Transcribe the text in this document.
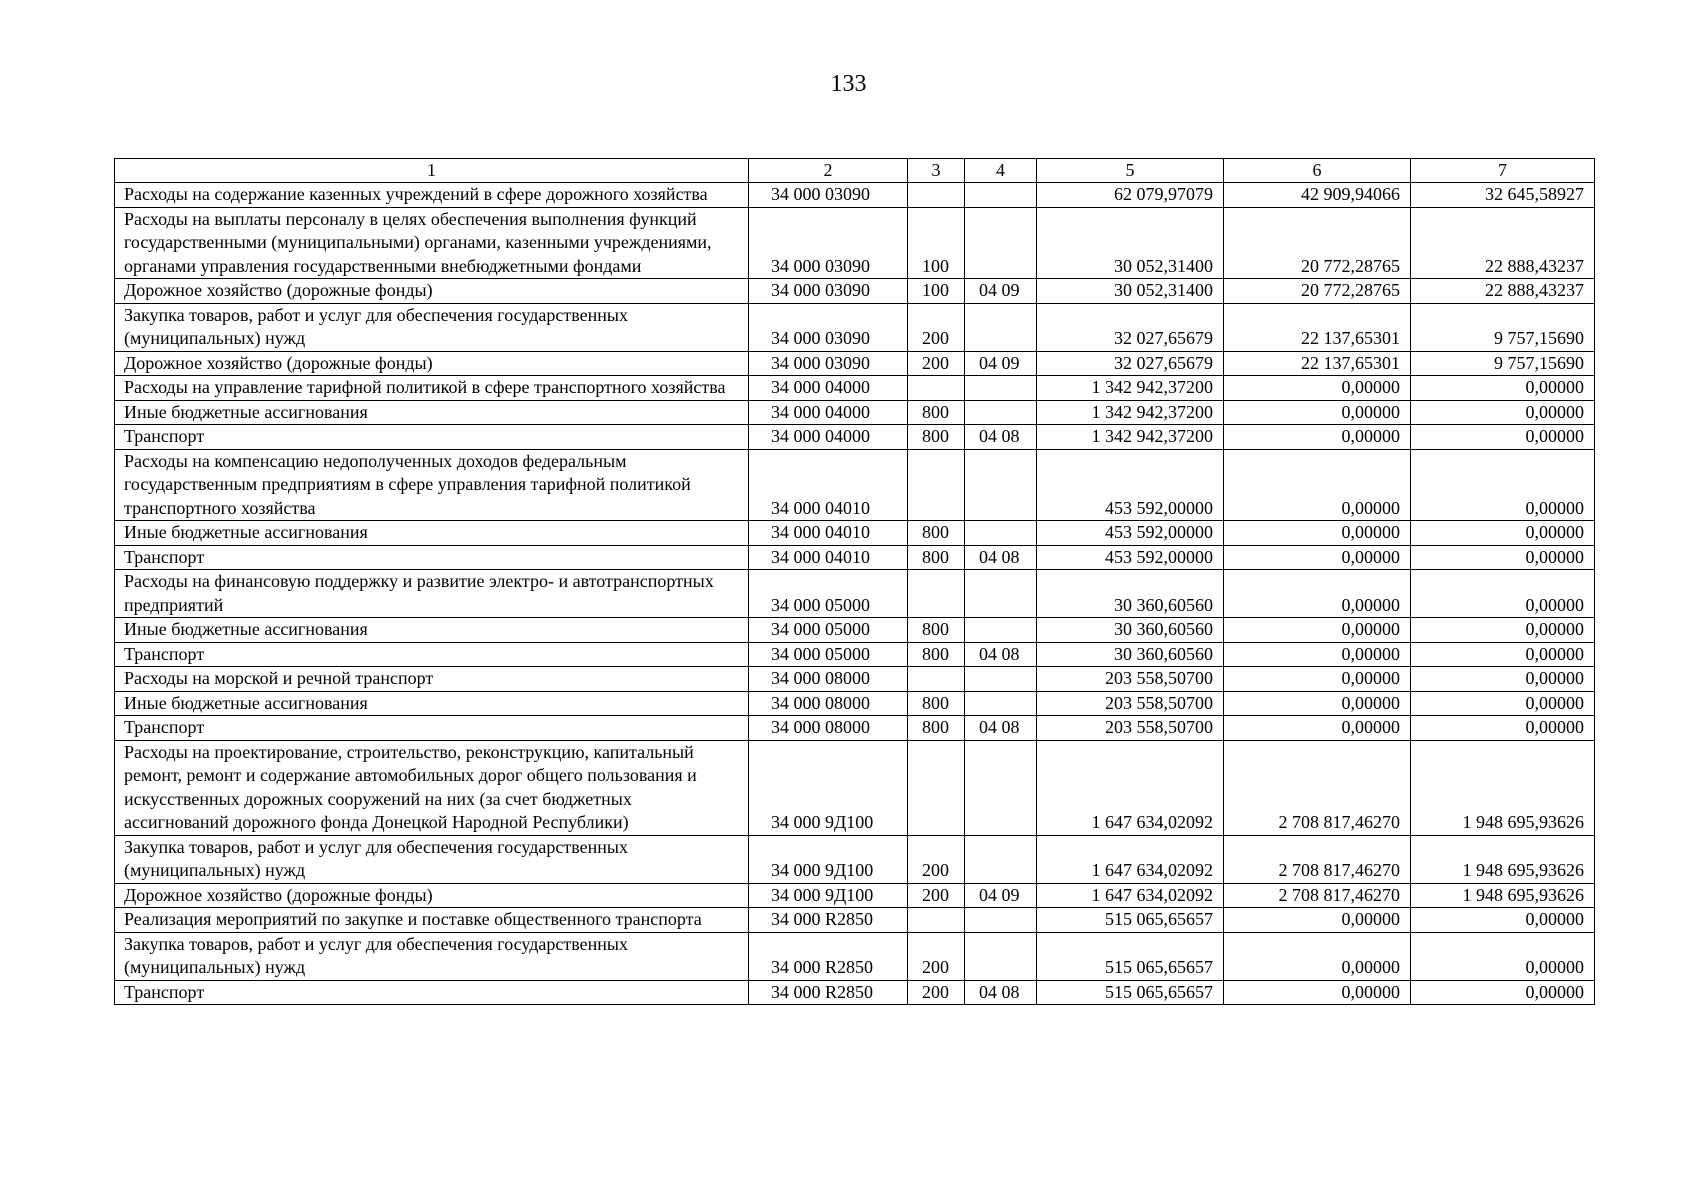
133
1	2	3	4	5	6	7
Расходы на содержание казенных учреждений в сфере дорожного хозяйства	34 000 03090			62 079,97079	42 909,94066	32 645,58927
Расходы на выплаты персоналу в целях обеспечения выполнения функций государственными (муниципальными) органами, казенными учреждениями, органами управления государственными внебюджетными фондами	34 000 03090	100		30 052,31400	20 772,28765	22 888,43237
Дорожное хозяйство (дорожные фонды)	34 000 03090	100	04 09	30 052,31400	20 772,28765	22 888,43237
Закупка товаров, работ и услуг для обеспечения государственных (муниципальных) нужд	34 000 03090	200		32 027,65679	22 137,65301	9 757,15690
Дорожное хозяйство (дорожные фонды)	34 000 03090	200	04 09	32 027,65679	22 137,65301	9 757,15690
Расходы на управление тарифной политикой в сфере транспортного хозяйства	34 000 04000			1 342 942,37200	0,00000	0,00000
Иные бюджетные ассигнования	34 000 04000	800		1 342 942,37200	0,00000	0,00000
Транспорт	34 000 04000	800	04 08	1 342 942,37200	0,00000	0,00000
Расходы на компенсацию недополученных доходов федеральным государственным предприятиям в сфере управления тарифной политикой транспортного хозяйства	34 000 04010			453 592,00000	0,00000	0,00000
Иные бюджетные ассигнования	34 000 04010	800		453 592,00000	0,00000	0,00000
Транспорт	34 000 04010	800	04 08	453 592,00000	0,00000	0,00000
Расходы на финансовую поддержку и развитие электро- и автотранспортных предприятий	34 000 05000			30 360,60560	0,00000	0,00000
Иные бюджетные ассигнования	34 000 05000	800		30 360,60560	0,00000	0,00000
Транспорт	34 000 05000	800	04 08	30 360,60560	0,00000	0,00000
Расходы на морской и речной транспорт	34 000 08000			203 558,50700	0,00000	0,00000
Иные бюджетные ассигнования	34 000 08000	800		203 558,50700	0,00000	0,00000
Транспорт	34 000 08000	800	04 08	203 558,50700	0,00000	0,00000
Расходы на проектирование, строительство, реконструкцию, капитальный ремонт, ремонт и содержание автомобильных дорог общего пользования и искусственных дорожных сооружений на них (за счет бюджетных ассигнований дорожного фонда Донецкой Народной Республики)	34 000 9Д100			1 647 634,02092	2 708 817,46270	1 948 695,93626
Закупка товаров, работ и услуг для обеспечения государственных (муниципальных) нужд	34 000 9Д100	200		1 647 634,02092	2 708 817,46270	1 948 695,93626
Дорожное хозяйство (дорожные фонды)	34 000 9Д100	200	04 09	1 647 634,02092	2 708 817,46270	1 948 695,93626
Реализация мероприятий по закупке и поставке общественного транспорта	34 000 R2850			515 065,65657	0,00000	0,00000
Закупка товаров, работ и услуг для обеспечения государственных (муниципальных) нужд	34 000 R2850	200		515 065,65657	0,00000	0,00000
Транспорт	34 000 R2850	200	04 08	515 065,65657	0,00000	0,00000
